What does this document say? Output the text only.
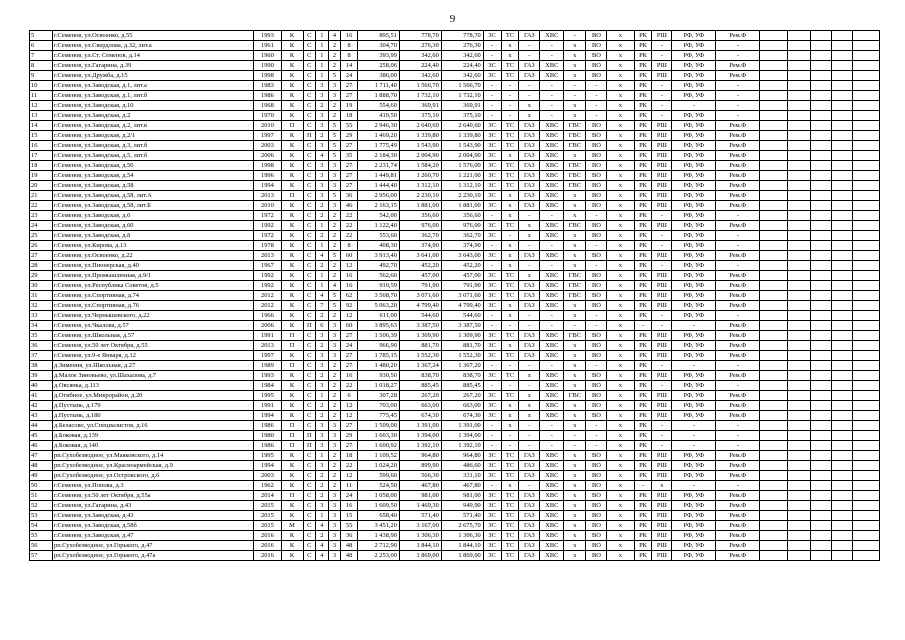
9
5	г.Семенов, ул.Освоенко, д.55	1993	К	С	1	4	16	895,51	778,70	778,70	ЗС	ТС	ГАЗ	ХВС	-	ВО	х	РК	РШ	РФ, УФ	Рем.Ф					
6	г.Семенов, ул.Свердлова, д.32, лит.а	1961	К	С	1	2	8	304,70	276,30	276,30	-	х	-	-	х	ВО	х	РК	-	РФ, УФ	-					
7	г.Семенов, ул.Ст. Семенов, д.14	1960	К	С	1	2	8	393,99	342,60	342,60	-	х	-	-	х	ВО	х	РК	-	РФ, УФ	-					
8	г.Семенов, ул.Гагарина, д.39	1990	К	С	1	2	14	258,06	224,40	224,40	ЗС	ТС	ГАЗ	ХВС	х	ВО	х	РК	РШ	РФ, УФ	Рем.Ф					
9	г.Семенов, ул.Дружба, д.15	1998	К	С	1	5	24	386,00	342,60	342,60	ЗС	ТС	ГАЗ	ХВС	х	ВО	х	РК	РШ	РФ, УФ	Рем.Ф					
10	г.Семенов, ул.Заводская, д.1, лит.а	1983	К	С	3	3	27	1 711,40	1 566,70	1 566,70	-	-	-	-	-	-	х	РК	-	РФ, УФ	-					
11	г.Семенов, ул.Заводская, д.1, лит.б	1986	К	С	3	3	27	1 888,70	1 732,10	1 732,10	-	-	-	-	-	-	х	РК	-	РФ, УФ	-					
12	г.Семенов, ул.Заводская, д.10	1968	К	С	2	2	19	554,60	369,91	369,91	-	-	х	-	х	-	х	РК	-	-	-					
13	г.Семенов, ул.Заводская, д.2	1970	К	С	3	2	18	419,50	375,10	375,10	-	-	х	-	х	-	х	РК	-	РФ, УФ	-					
14	г.Семенов, ул.Заводская, д.2, лит.в	2010	П	С	3	5	55	2 946,30	2 640,60	2 640,60	ЗС	ТС	ГАЗ	ХВС	ГВС	ВО	х	РК	РШ	РФ, УФ	Рем.Ф					
15	г.Семенов, ул.Заводская, д.2/1	1997	К	П	2	5	29	1 469,20	1 339,80	1 339,80	ЗС	ТС	ГАЗ	ХВС	ГВС	ВО	х	РК	РШ	РФ, УФ	Рем.Ф					
16	г.Семенов, ул.Заводская, д.3, лит.б	2003	К	С	3	5	27	1 775,49	1 543,90	1 543,90	ЗС	ТС	ГАЗ	ХВС	ГВС	ВО	х	РК	РШ	РФ, УФ	Рем.Ф					
17	г.Семенов, ул.Заводская, д.5, лит.б	2006	К	С	4	5	35	2 184,30	2 004,90	2 004,90	ЗС	х	ГАЗ	ХВС	х	ВО	х	РК	РШ	РФ, УФ	Рем.Ф					
18	г.Семенов, ул.Заводская, д.50	1998	К	С	3	3	27	2 231,74	1 584,20	1 576,00	ЗС	ТС	ГАЗ	ХВС	ГВС	ВО	х	РК	РШ	РФ, УФ	Рем.Ф					
19	г.Семенов, ул.Заводская, д.54	1996	К	С	3	3	27	1 449,81	1 260,70	1 221,00	ЗС	ТС	ГАЗ	ХВС	ГВС	ВО	х	РК	РШ	РФ, УФ	Рем.Ф					
20	г.Семенов, ул.Заводская, д.58	1994	К	С	3	3	27	1 444,40	1 312,10	1 312,10	ЗС	ТС	ГАЗ	ХВС	ГВС	ВО	х	РК	РШ	РФ, УФ	Рем.Ф					
21	г.Семенов, ул.Заводская, д.58, лит.А	2013	П	С	3	5	36	2 956,00	2 230,10	2 230,10	ЗС	х	ГАЗ	ХВС	х	ВО	х	РК	РШ	РФ, УФ	Рем.Ф					
22	г.Семенов, ул.Заводская, д.58, лит.Б	2010	К	С	2	3	46	2 163,15	1 881,00	1 881,00	ЗС	х	ГАЗ	ХВС	х	ВО	х	РК	РШ	РФ, УФ	Рем.Ф					
23	г.Семенов, ул.Заводская, д.6	1972	К	С	2	2	22	542,00	356,60	356,60	-	х	-	-	х	-	х	РК	-	РФ, УФ	-					
24	г.Семенов, ул.Заводская, д.60	1992	К	С	1	2	22	1 122,40	976,00	976,00	ЗС	ТС	х	ХВС	ГВС	ВО	х	РК	РШ	РФ, УФ	Рем.Ф					
25	г.Семенов, ул.Заводская, д.8	1972	К	С	2	2	22	553,60	362,70	362,70	ЗС	-	х	ХВС	х	ВО	х	РК	-	РФ, УФ	-					
26	г.Семенов, ул.Кирова, д.13	1978	К	С	1	2	8	408,30	374,90	374,90	-	х	-	-	х	-	х	РК	-	РФ, УФ	-					
27	г.Семенов, ул.Освоенко, д.22	2013	К	С	4	5	60	3 913,40	3 641,00	3 643,00	ЗС	х	ГАЗ	ХВС	х	ВО	х	РК	РШ	РФ, УФ	Рем.Ф					
28	г.Семенов, ул.Пионерская, д.40	1967	К	С	2	2	12	492,70	452,20	452,20	-	х	-	-	х	-	х	РК	-	РФ, УФ	-					
29	г.Семенов, ул.Промышленная, д.9/1	1992	К	С	1	2	16	562,60	457,00	457,00	ЗС	ТС	х	ХВС	ГВС	ВО	х	РК	РШ	РФ, УФ	Рем.Ф					
30	г.Семенов, ул.Республика Советов, д.5	1992	К	С	1	4	16	910,59	791,90	791,90	ЗС	ТС	ГАЗ	ХВС	ГВС	ВО	х	РК	РШ	РФ, УФ	Рем.Ф					
31	г.Семенов, ул.Спортивная, д.74	2012	К	С	4	5	62	3 568,70	3 071,60	3 071,60	ЗС	ТС	ГАЗ	ХВС	ГВС	ВО	х	РК	РШ	РФ, УФ	Рем.Ф					
32	г.Семенов, ул.Спортивная, д.76	2012	К	С	7	5	92	5 063,20	4 799,40	4 799,40	ЗС	х	ГАЗ	ХВС	х	ВО	х	РК	РШ	РФ, УФ	Рем.Ф					
33	г.Семенов, ул.Чернышевского, д.22	1966	К	С	2	2	12	611,00	544,60	544,60	-	х	-	-	х	-	х	РК	-	РФ, УФ	-					
34	г.Семенов, ул.Чкалова, д.57	2006	К	П	6	3	60	3 895,63	3 387,50	3 387,50	-	-	-	-	-	-	х	-	-	-	Рем.Ф					
35	г.Семенов, ул.Школьная, д.57	1991	П	С	3	3	27	1 506,39	1 309,90	1 309,90	ЗС	ТС	ГАЗ	ХВС	ГВС	ВО	х	РК	РШ	РФ, УФ	Рем.Ф					
36	г.Семенов, ул.50 лет Октября, д.55	2013	П	С	2	3	24	966,90	881,70	881,70	ЗС	х	ГАЗ	ХВС	х	ВО	х	РК	РШ	РФ, УФ	Рем.Ф					
37	г.Семенов, ул.9-е Января, д.12	1997	К	С	3	3	27	1 785,15	1 552,30	1 552,30	ЗС	ТС	ГАЗ	ХВС	х	ВО	х	РК	РШ	РФ, УФ	Рем.Ф					
38	д.Зимения, ул.Школьная, д.27	1989	П	С	3	2	27	1 480,20	1 367,24	1 367,20	-	-	-	-	х	-	х	РК	-	-	-					
39	д.Малое Зиновьево, ул.Шахалова, д.7	1993	К	С	2	2	16	930,50	838,70	838,70	ЗС	ТС	х	ХВС	х	ВО	х	РК	РШ	РФ, УФ	Рем.Ф					
40	д.Овсянка, д.113	1984	К	С	3	2	22	1 018,27	885,45	885,45	-	-	-	ХВС	х	ВО	х	РК	-	РФ, УФ	-					
41	д.Огибное, ул.Микрорайон, д.20	1995	К	С	1	2	6	307,28	267,20	267,20	ЗС	ТС	х	ХВС	ГВС	ВО	х	РК	РШ	РФ, УФ	Рем.Ф					
42	д.Пустынь, д.179	1991	К	С	2	2	12	703,00	663,00	663,00	ЗС	х	х	ХВС	х	ВО	х	РК	РШ	РФ, УФ	Рем.Ф					
43	д.Пустынь, д.180	1994	К	С	2	2	12	775,45	674,30	674,30	ЗС	х	х	ХВС	х	ВО	х	РК	РШ	РФ, УФ	Рем.Ф					
44	д.Беласово, ул.Специалистов, д.16	1986	П	С	3	3	27	1 509,00	1 391,00	1 391,00	-	х	-	-	х	-	х	РК	-	-	-					
45	д.Боковая, д.139	1980	П	П	3	3	29	1 603,30	1 394,00	1 394,00	-	-	-	-	-	-	х	РК	-	-	-					
46	д.Боковая, д.140	1986	П	П	3	3	27	1 600,92	1 392,10	1 392,10	-	-	-	-	-	-	х	РК	-	-	-					
47	рп.Сухобезводное, ул.Маяковского, д.14	1995	К	С	1	2	18	1 109,52	964,80	964,80	ЗС	ТС	ГАЗ	ХВС	х	ВО	х	РК	РШ	РФ, УФ	Рем.Ф					
48	рп.Сухобезводное, ул.Красноармейская, д.9	1994	К	С	3	2	22	1 024,20	899,90	486,60	ЗС	ТС	ГАЗ	ХВС	х	ВО	х	РК	РШ	РФ, УФ	Рем.Ф					
49	рп.Сухобезводное, ул.Островского, д.6	2003	К	С	2	2	12	599,60	566,30	331,10	ЗС	ТС	ГАЗ	ХВС	х	ВО	х	РК	РШ	РФ, УФ	Рем.Ф					
50	г.Семенов, ул.Попова, д.3	1962	К	С	2	2	11	524,50	467,80	467,80	-	х	-	ХВС	х	ВО	х	-	х	-	-					
51	г.Семенов, ул.50 лет Октября, д.55а	2014	П	С	2	3	24	1 058,00	981,00	981,00	ЗС	ТС	ГАЗ	ХВС	х	ВО	х	РК	РШ	РФ, УФ	Рем.Ф					
52	г.Семенов, ул.Гагарина, д.43	2015	К	С	3	3	16	1 609,50	1 469,30	949,90	ЗС	ТС	ГАЗ	ХВС	х	ВО	х	РК	РШ	РФ, УФ	Рем.Ф					
53	г.Семенов, ул.Заводская, д.43	2015	К	С	1	3	15	658,40	571,40	571,40	ЗС	ТС	ГАЗ	ХВС	х	ВО	х	РК	РШ	РФ, УФ	Рем.Ф					
54	г.Семенов, ул.Заводская, д.58б	2015	М	С	4	3	55	3 451,20	3 167,00	2 675,70	ЗС	ТС	ГАЗ	ХВС	х	ВО	х	РК	РШ	РФ, УФ	Рем.Ф					
55	г.Семенов, ул.Заводская, д.47	2016	К	С	2	3	36	1 438,90	1 306,30	1 306,30	ЗС	ТС	ГАЗ	ХВС	х	ВО	х	РК	РШ	РФ, УФ	Рем.Ф					
56	рп.Сухобезводное, ул.Горького, д.47	2016	К	С	4	3	48	2 712,90	1 844,10	1 844,10	ЗС	ТС	ГАЗ	ХВС	х	ВО	х	РК	РШ	РФ, УФ	Рем.Ф					
57	рп.Сухобезводное, ул.Горького, д.47а	2016	К	С	4	3	48	2 253,00	1 869,00	1 869,00	ЗС	ТС	ГАЗ	ХВС	х	ВО	х	РК	РШ	РФ, УФ	Рем.Ф					
